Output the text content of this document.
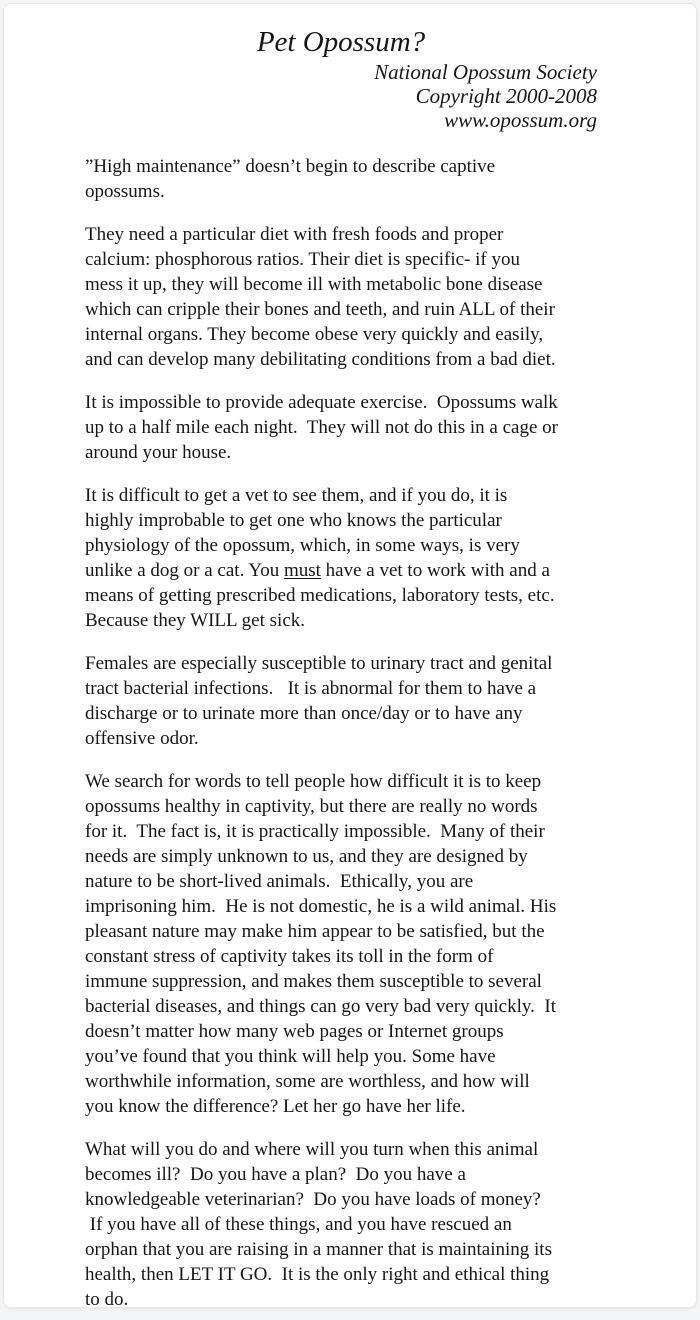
Pet Opossum?
National Opossum Society
Copyright 2000-2008
www.opossum.org
”High maintenance” doesn’t begin to describe captive
opossums.
They need a particular diet with fresh foods and proper
calcium: phosphorous ratios. Their diet is specific- if you
mess it up, they will become ill with metabolic bone disease
which can cripple their bones and teeth, and ruin ALL of their
internal organs. They become obese very quickly and easily,
and can develop many debilitating conditions from a bad diet.
It is impossible to provide adequate exercise.  Opossums walk
up to a half mile each night.  They will not do this in a cage or
around your house.
It is difficult to get a vet to see them, and if you do, it is
highly improbable to get one who knows the particular
physiology of the opossum, which, in some ways, is very
unlike a dog or a cat. You must have a vet to work with and a
means of getting prescribed medications, laboratory tests, etc.
Because they WILL get sick.
Females are especially susceptible to urinary tract and genital
tract bacterial infections.   It is abnormal for them to have a
discharge or to urinate more than once/day or to have any
offensive odor.
We search for words to tell people how difficult it is to keep
opossums healthy in captivity, but there are really no words
for it.  The fact is, it is practically impossible.  Many of their
needs are simply unknown to us, and they are designed by
nature to be short-lived animals.  Ethically, you are
imprisoning him.  He is not domestic, he is a wild animal. His
pleasant nature may make him appear to be satisfied, but the
constant stress of captivity takes its toll in the form of
immune suppression, and makes them susceptible to several
bacterial diseases, and things can go very bad very quickly.  It
doesn’t matter how many web pages or Internet groups
you’ve found that you think will help you. Some have
worthwhile information, some are worthless, and how will
you know the difference? Let her go have her life.
What will you do and where will you turn when this animal
becomes ill?  Do you have a plan?  Do you have a
knowledgeable veterinarian?  Do you have loads of money?
If you have all of these things, and you have rescued an
orphan that you are raising in a manner that is maintaining its
health, then LET IT GO.  It is the only right and ethical thing
to do.
